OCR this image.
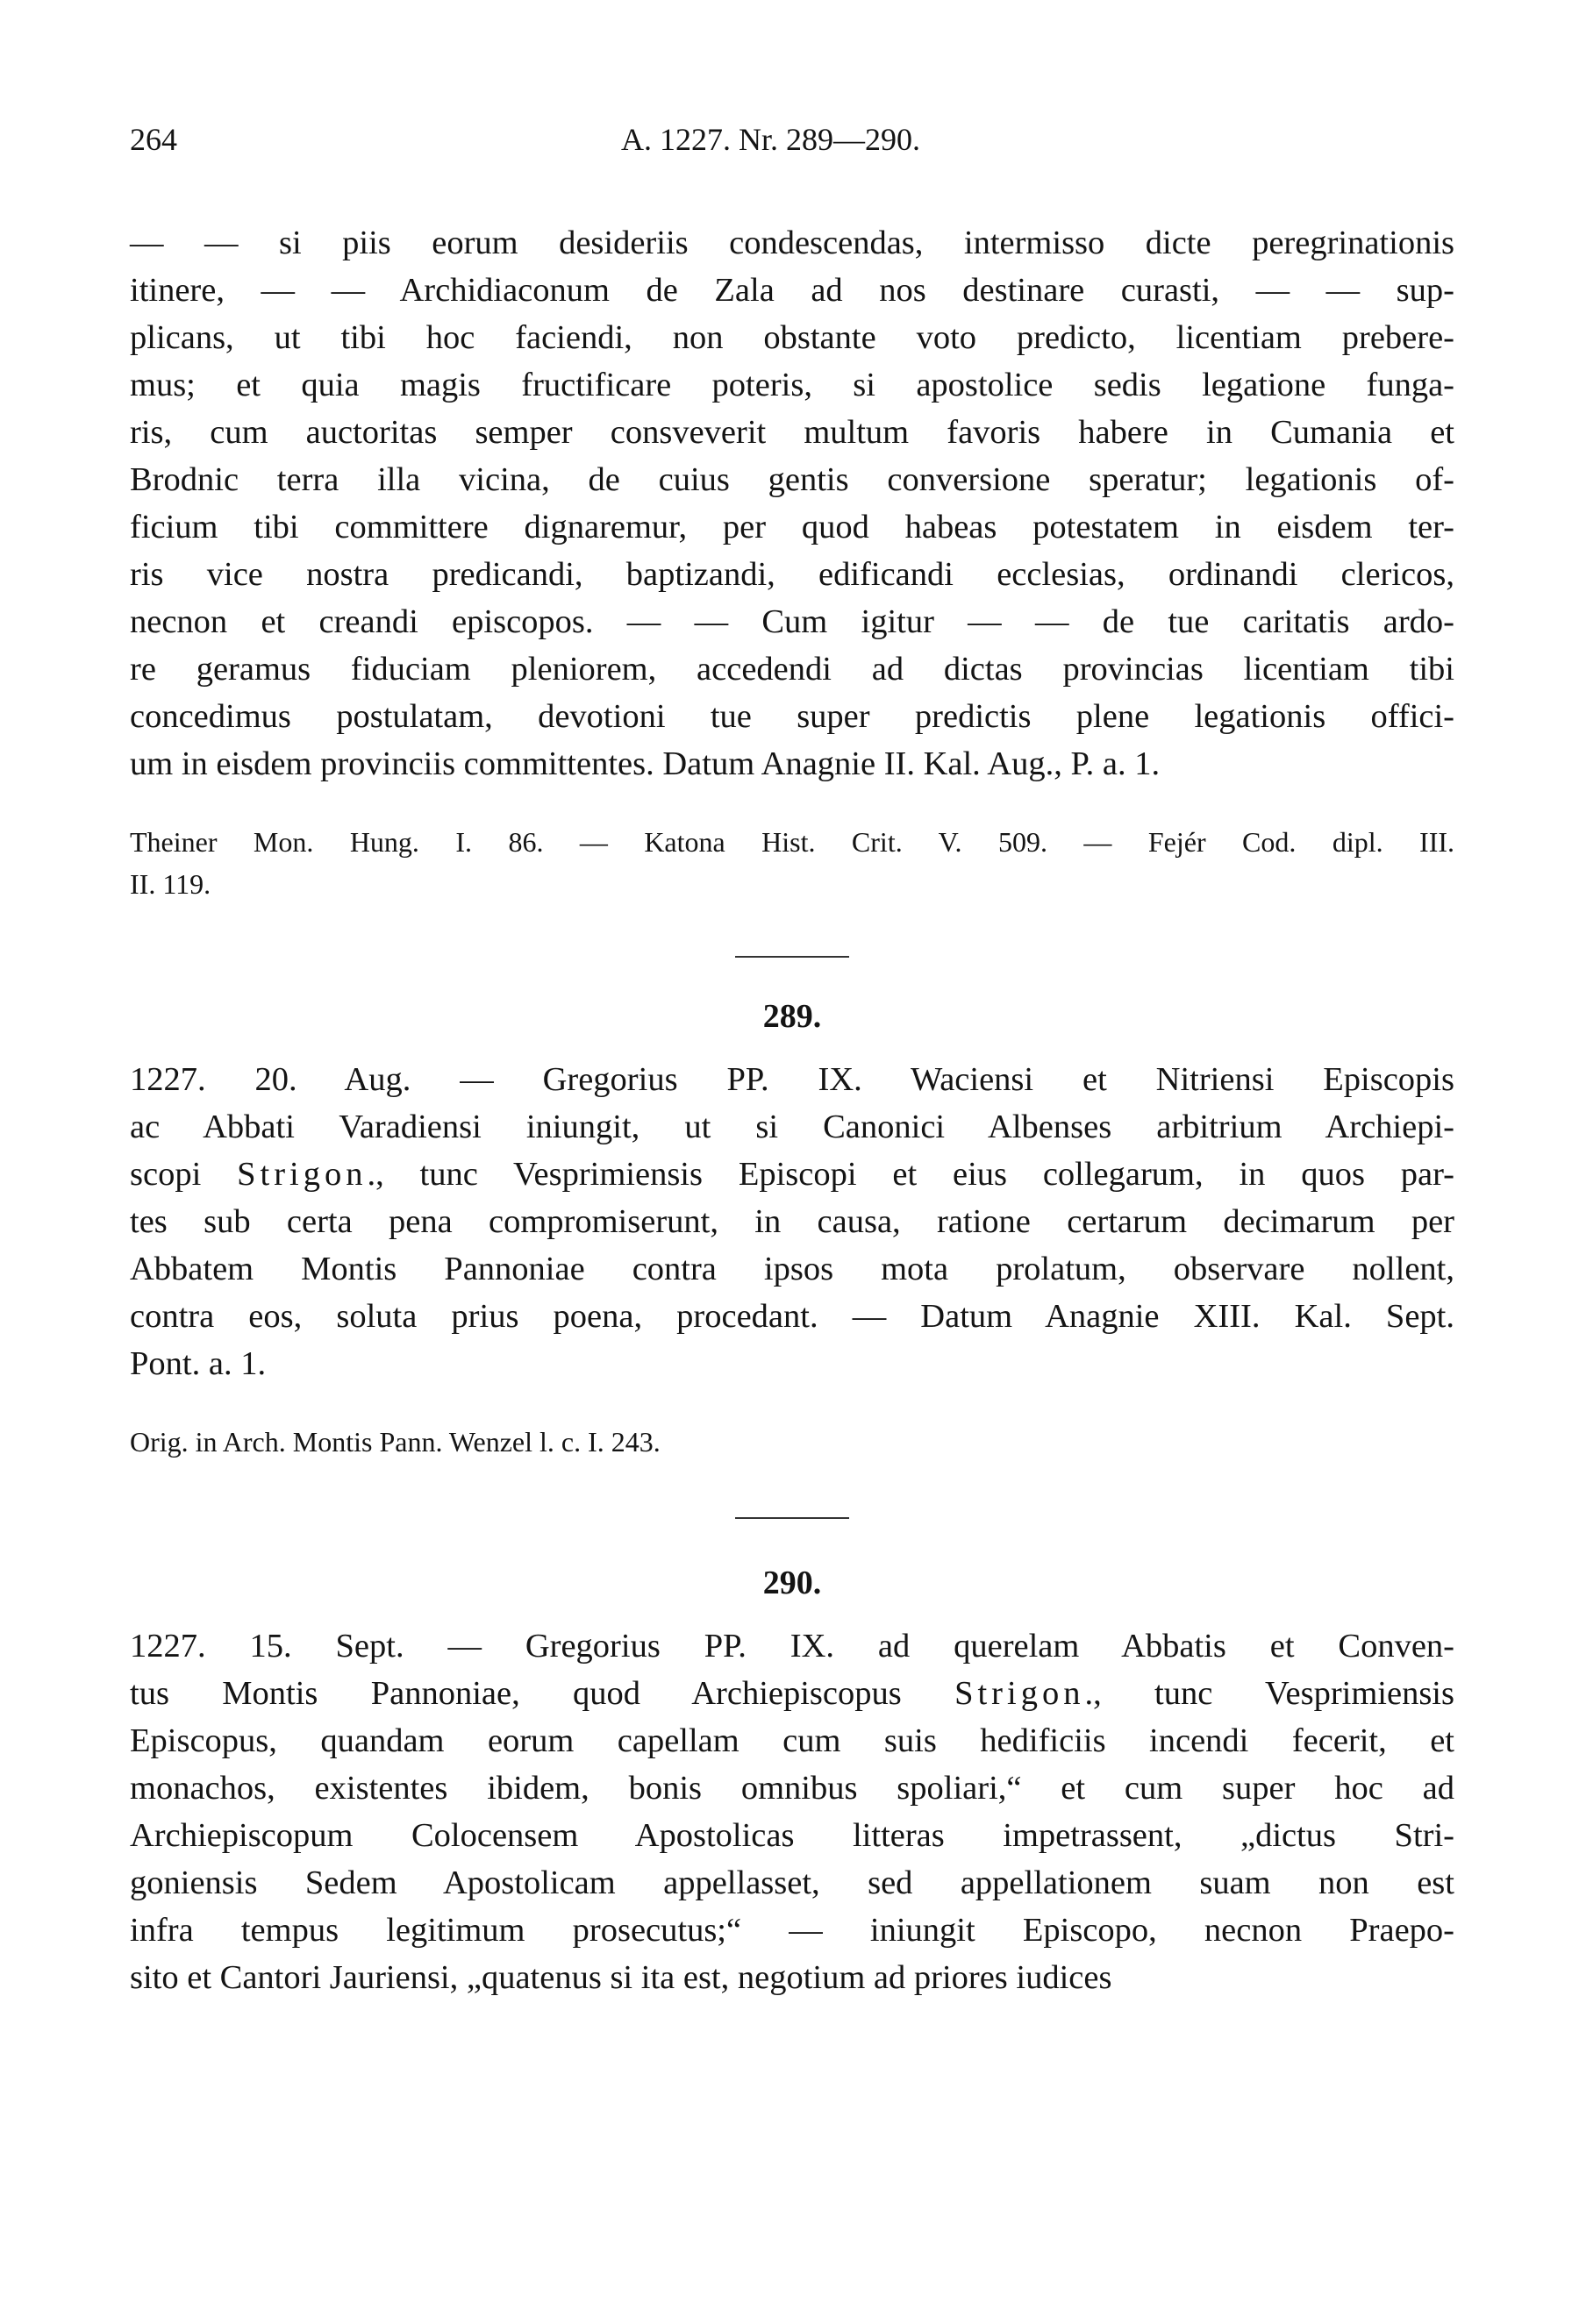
264	A. 1227. Nr. 289—290.
— — si piis eorum desideriis condescendas, intermisso dicte peregrinationis
itinere, — — Archidiaconum de Zala ad nos destinare curasti, — — sup-
plicans, ut tibi hoc faciendi, non obstante voto predicto, licentiam prebere-
mus; et quia magis fructificare poteris, si apostolice sedis legatione funga-
ris, cum auctoritas semper consveverit multum favoris habere in Cumania et
Brodnic terra illa vicina, de cuius gentis conversione speratur; legationis of-
ficium tibi committere dignaremur, per quod habeas potestatem in eisdem ter-
ris vice nostra predicandi, baptizandi, edificandi ecclesias, ordinandi clericos,
necnon et creandi episcopos. — — Cum igitur — — de tue caritatis ardo-
re geramus fiduciam pleniorem, accedendi ad dictas provincias licentiam tibi
concedimus postulatam, devotioni tue super predictis plene legationis offici-
um in eisdem provinciis committentes. Datum Anagnie II. Kal. Aug., P. a. 1.
Theiner Mon. Hung. I. 86. — Katona Hist. Crit. V. 509. — Fejér Cod. dipl. III.
II. 119.
289.
1227. 20. Aug. — Gregorius PP. IX. Waciensi et Nitriensi Episcopis
ac Abbati Varadiensi iniungit, ut si Canonici Albenses arbitrium Archiepi-
scopi Strigon., tunc Vesprimiensis Episcopi et eius collegarum, in quos par-
tes sub certa pena compromiserunt, in causa, ratione certarum decimarum per
Abbatem Montis Pannoniae contra ipsos mota prolatum, observare nollent,
contra eos, soluta prius poena, procedant. — Datum Anagnie XIII. Kal. Sept.
Pont. a. 1.
Orig. in Arch. Montis Pann. Wenzel l. c. I. 243.
290.
1227. 15. Sept. — Gregorius PP. IX. ad querelam Abbatis et Conven-
tus Montis Pannoniae, quod Archiepiscopus Strigon., tunc Vesprimiensis
Episcopus, quandam eorum capellam cum suis hedificiis incendi fecerit, et
monachos, existentes ibidem, bonis omnibus spoliari,“ et cum super hoc ad
Archiepiscopum Colocensem Apostolicas litteras impetrassent, „dictus Stri-
goniensis Sedem Apostolicam appellasset, sed appellationem suam non est
infra tempus legitimum prosecutus;“ — iniungit Episcopo, necnon Praepo-
sito et Cantori Jauriensi, „quatenus si ita est, negotium ad priores iudices
